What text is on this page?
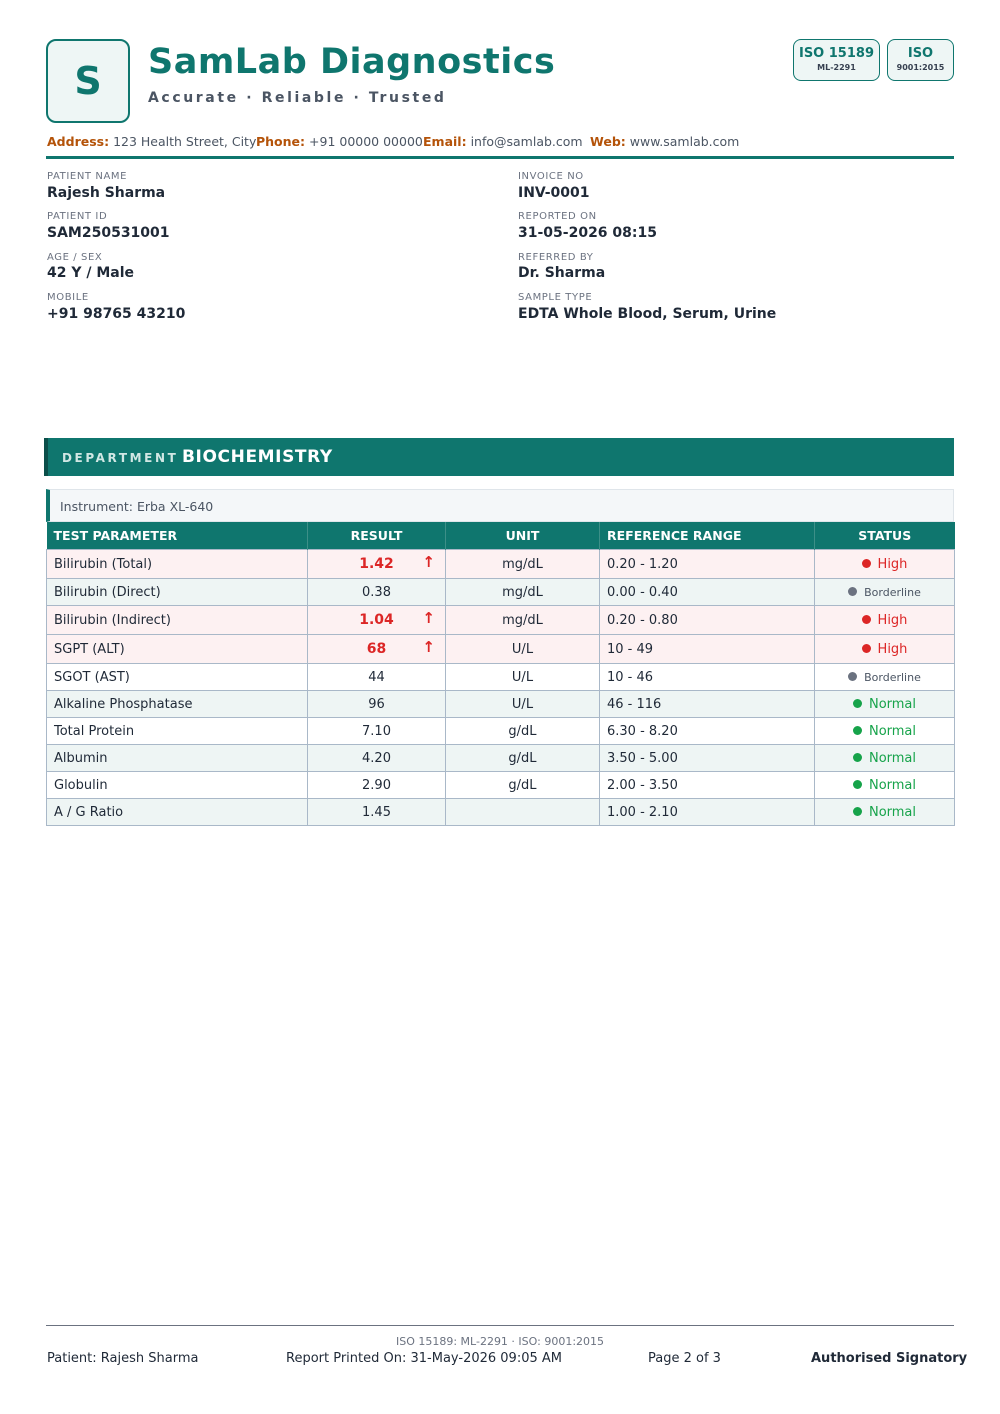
S SamLab Diagnostics
Accurate · Reliable · Trusted
ISO 15189
ML-2291
ISO
9001:2015
Address: 123 Health Street, City Phone: +91 00000 00000 Email: info@samlab.com Web: www.samlab.com
PATIENT NAME
Rajesh Sharma
PATIENT ID
SAM250531001
AGE / SEX
42 Y / Male
MOBILE
+91 98765 43210
INVOICE NO
INV-0001
REPORTED ON
31-05-2026 08:15
REFERRED BY
Dr. Sharma
SAMPLE TYPE
EDTA Whole Blood, Serum, Urine
DEPARTMENT BIOCHEMISTRY
Instrument: Erba XL-640
TEST PARAMETER	RESULT	UNIT	REFERENCE RANGE	STATUS
Bilirubin (Total)	1.42 ↑	mg/dL	0.20 - 1.20	High
Bilirubin (Direct)	0.38	mg/dL	0.00 - 0.40	Borderline
Bilirubin (Indirect)	1.04 ↑	mg/dL	0.20 - 0.80	High
SGPT (ALT)	68 ↑	U/L	10 - 49	High
SGOT (AST)	44	U/L	10 - 46	Borderline
Alkaline Phosphatase	96	U/L	46 - 116	Normal
Total Protein	7.10	g/dL	6.30 - 8.20	Normal
Albumin	4.20	g/dL	3.50 - 5.00	Normal
Globulin	2.90	g/dL	2.00 - 3.50	Normal
A / G Ratio	1.45		1.00 - 2.10	Normal
ISO 15189: ML-2291 · ISO: 9001:2015
Patient: Rajesh Sharma	Report Printed On: 31-May-2026 09:05 AM	Page 2 of 3	Authorised Signatory
